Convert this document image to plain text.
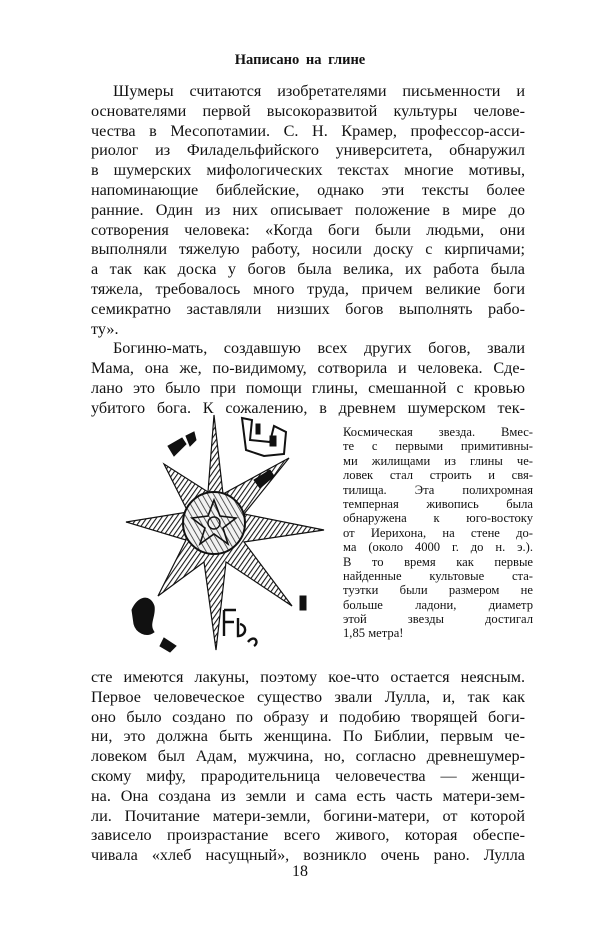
Написано на глине
Шумеры считаются изобретателями письменности и
основателями первой высокоразвитой культуры челове-
чества в Месопотамии. С. Н. Крамер, профессор-асси-
риолог из Филадельфийского университета, обнаружил
в шумерских мифологических текстах многие мотивы,
напоминающие библейские, однако эти тексты более
ранние. Один из них описывает положение в мире до
сотворения человека: «Когда боги были людьми, они
выполняли тяжелую работу, носили доску с кирпичами;
а так как доска у богов была велика, их работа была
тяжела, требовалось много труда, причем великие боги
семикратно заставляли низших богов выполнять рабо-
ту».
Богиню-мать, создавшую всех других богов, звали
Мама, она же, по-видимому, сотворила и человека. Сде-
лано это было при помощи глины, смешанной с кровью
убитого бога. К сожалению, в древнем шумерском тек-
Космическая звезда. Вмес-
те с первыми примитивны-
ми жилищами из глины че-
ловек стал строить и свя-
тилища. Эта полихромная
темперная живопись была
обнаружена к юго-востоку
от Иерихона, на стене до-
ма (около 4000 г. до н. э.).
В то время как первые
найденные культовые ста-
туэтки были размером не
больше ладони, диаметр
этой звезды достигал
1,85 метра!
сте имеются лакуны, поэтому кое-что остается неясным.
Первое человеческое существо звали Лулла, и, так как
оно было создано по образу и подобию творящей боги-
ни, это должна быть женщина. По Библии, первым че-
ловеком был Адам, мужчина, но, согласно древнешумер-
скому мифу, прародительница человечества — женщи-
на. Она создана из земли и сама есть часть матери-зем-
ли. Почитание матери-земли, богини-матери, от которой
зависело произрастание всего живого, которая обеспе-
чивала «хлеб насущный», возникло очень рано. Лулла
18
